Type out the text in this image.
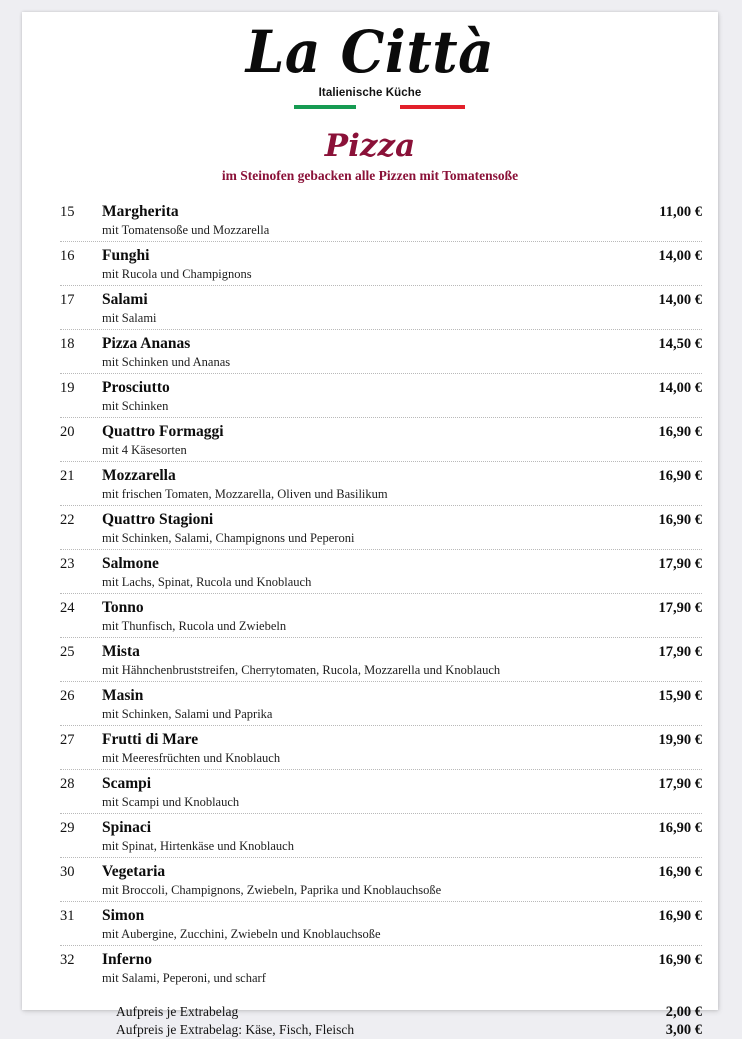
La Città
Italienische Küche
Pizza
im Steinofen gebacken alle Pizzen mit Tomatensoße
15	Margherita	11,00 €
mit Tomatensoße und Mozzarella
16	Funghi	14,00 €
mit Rucola und Champignons
17	Salami	14,00 €
mit Salami
18	Pizza Ananas	14,50 €
mit Schinken und Ananas
19	Prosciutto	14,00 €
mit Schinken
20	Quattro Formaggi	16,90 €
mit 4 Käsesorten
21	Mozzarella	16,90 €
mit frischen Tomaten, Mozzarella, Oliven und Basilikum
22	Quattro Stagioni	16,90 €
mit Schinken, Salami, Champignons und Peperoni
23	Salmone	17,90 €
mit Lachs, Spinat, Rucola und Knoblauch
24	Tonno	17,90 €
mit Thunfisch, Rucola und Zwiebeln
25	Mista	17,90 €
mit Hähnchenbruststreifen, Cherrytomaten, Rucola, Mozzarella und Knoblauch
26	Masin	15,90 €
mit Schinken, Salami und Paprika
27	Frutti di Mare	19,90 €
mit Meeresfrüchten und Knoblauch
28	Scampi	17,90 €
mit Scampi und Knoblauch
29	Spinaci	16,90 €
mit Spinat, Hirtenkäse und Knoblauch
30	Vegetaria	16,90 €
mit Broccoli, Champignons, Zwiebeln, Paprika und Knoblauchsoße
31	Simon	16,90 €
mit Aubergine, Zucchini, Zwiebeln und Knoblauchsoße
32	Inferno	16,90 €
mit Salami, Peperoni, und scharf
Aufpreis je Extrabelag	2,00 €
Aufpreis je Extrabelag: Käse, Fisch, Fleisch	3,00 €
